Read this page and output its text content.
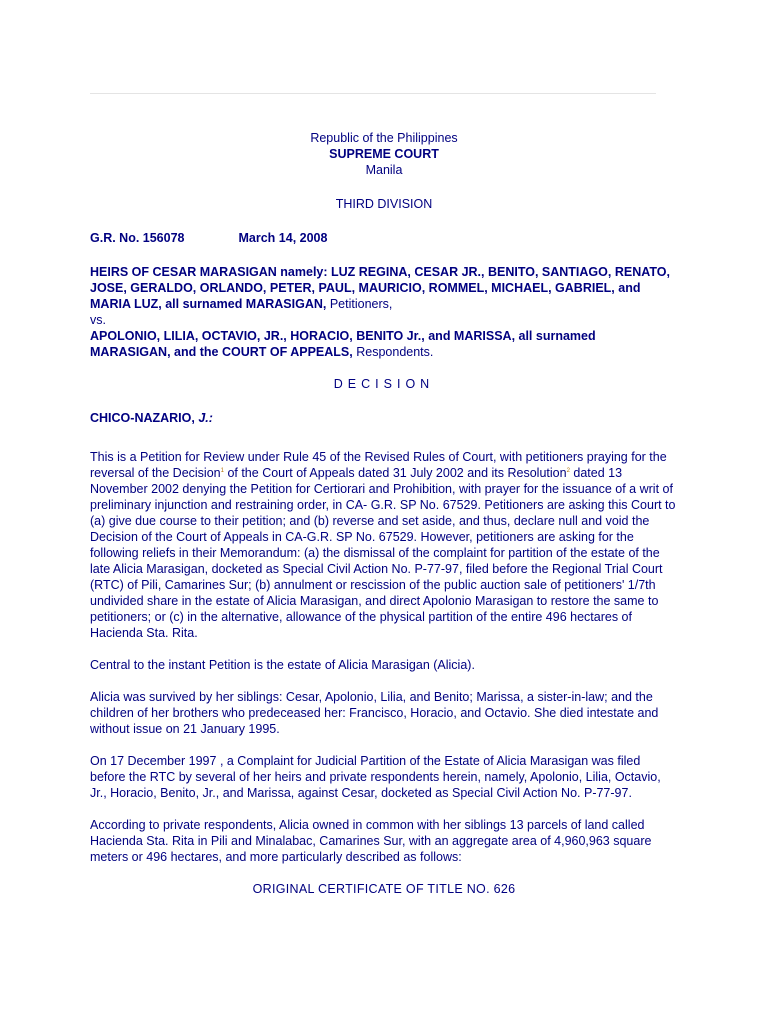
Republic of the Philippines
SUPREME COURT
Manila
THIRD DIVISION
G.R. No. 156078	March 14, 2008
HEIRS OF CESAR MARASIGAN namely: LUZ REGINA, CESAR JR., BENITO, SANTIAGO, RENATO, JOSE, GERALDO, ORLANDO, PETER, PAUL, MAURICIO, ROMMEL, MICHAEL, GABRIEL, and MARIA LUZ, all surnamed MARASIGAN, Petitioners,
vs.
APOLONIO, LILIA, OCTAVIO, JR., HORACIO, BENITO Jr., and MARISSA, all surnamed MARASIGAN, and the COURT OF APPEALS, Respondents.
DECISION
CHICO-NAZARIO, J.:

This is a Petition for Review under Rule 45 of the Revised Rules of Court, with petitioners praying for the reversal of the Decision$^1$ of the Court of Appeals dated 31 July 2002 and its Resolution$^2$ dated 13 November 2002 denying the Petition for Certiorari and Prohibition, with prayer for the issuance of a writ of preliminary injunction and restraining order, in CA- G.R. SP No. 67529. Petitioners are asking this Court to (a) give due course to their petition; and (b) reverse and set aside, and thus, declare null and void the Decision of the Court of Appeals in CA-G.R. SP No. 67529. However, petitioners are asking for the following reliefs in their Memorandum: (a) the dismissal of the complaint for partition of the estate of the late Alicia Marasigan, docketed as Special Civil Action No. P-77-97, filed before the Regional Trial Court (RTC) of Pili, Camarines Sur; (b) annulment or rescission of the public auction sale of petitioners' 1/7th undivided share in the estate of Alicia Marasigan, and direct Apolonio Marasigan to restore the same to petitioners; or (c) in the alternative, allowance of the physical partition of the entire 496 hectares of Hacienda Sta. Rita.

Central to the instant Petition is the estate of Alicia Marasigan (Alicia).

Alicia was survived by her siblings: Cesar, Apolonio, Lilia, and Benito; Marissa, a sister-in-law; and the children of her brothers who predeceased her: Francisco, Horacio, and Octavio. She died intestate and without issue on 21 January 1995.

On 17 December 1997 , a Complaint for Judicial Partition of the Estate of Alicia Marasigan was filed before the RTC by several of her heirs and private respondents herein, namely, Apolonio, Lilia, Octavio, Jr., Horacio, Benito, Jr., and Marissa, against Cesar, docketed as Special Civil Action No. P-77-97.

According to private respondents, Alicia owned in common with her siblings 13 parcels of land called Hacienda Sta. Rita in Pili and Minalabac, Camarines Sur, with an aggregate area of 4,960,963 square meters or 496 hectares, and more particularly described as follows:

ORIGINAL CERTIFICATE OF TITLE NO. 626
